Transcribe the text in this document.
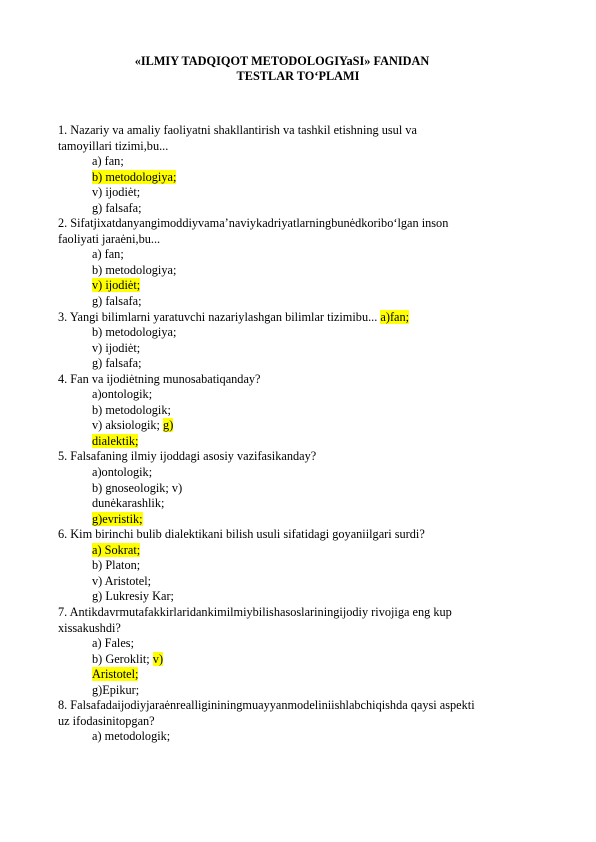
«ILMIY TADQIQOT METODOLOGIYaSI» FANIDAN
TESTLAR TO‘PLAMI
1. Nazariy va amaliy faoliyatni shakllantirish va tashkil etishning usul va
tamoyillari tizimi,bu...
a) fan;
b) metodologiya;
v) ijodiėt;
g) falsafa;
2. Sifatjixatdanyangimoddiyvama’naviykadriyatlarningbunėdkoribo‘lgan inson
faoliyati jaraėni,bu...
a) fan;
b) metodologiya;
v) ijodiėt;
g) falsafa;
3. Yangi bilimlarni yaratuvchi nazariylashgan bilimlar tizimibu... a)fan;
b) metodologiya;
v) ijodiėt;
g) falsafa;
4. Fan va ijodiėtning munosabatiqanday?
a)ontologik;
b) metodologik;
v) aksiologik; g)
dialektik;
5. Falsafaning ilmiy ijoddagi asosiy vazifasikanday?
a)ontologik;
b) gnoseologik; v)
dunėkarashlik;
g)evristik;
6. Kim birinchi bulib dialektikani bilish usuli sifatidagi goyaniilgari surdi?
a) Sokrat;
b) Platon;
v) Aristotel;
g) Lukresiy Kar;
7. Antikdavrmutafakkirlaridankimilmiybilishasoslariningijodiy rivojiga eng kup
xissakushdi?
a) Fales;
b) Geroklit; v)
Aristotel;
g)Epikur;
8. Falsafadaijodiyjaraėnrealligininingmuayyanmodeliniishlabchiqishda qaysi aspekti
uz ifodasinitopgan?
a) metodologik;
